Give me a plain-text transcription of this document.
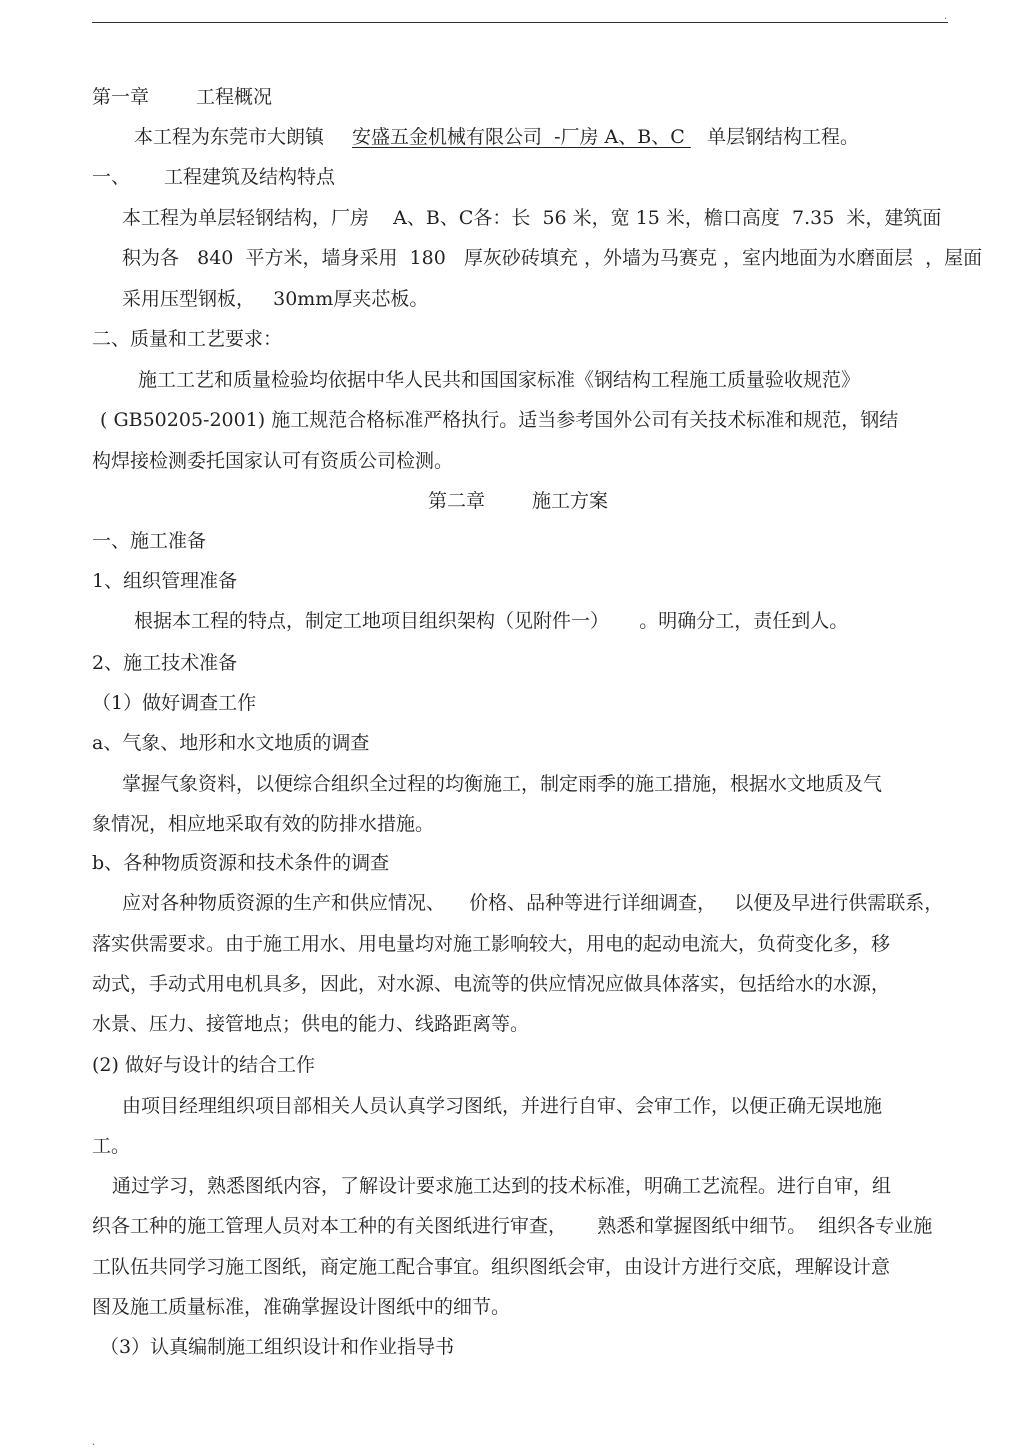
.
第一章 工程概况
本工程为东莞市大朗镇 安盛五金机械有限公司  -厂房 A、B、C 单层钢结构工程。
一、 工程建筑及结构特点
本工程为单层轻钢结构，厂房    A、B、C各：长  56 米，宽 15 米，檐口高度  7.35  米，建筑面
积为各   840  平方米，墙身采用  180   厚灰砂砖填充 ，外墙为马赛克 ，室内地面为水磨面层  ，屋面
采用压型钢板，   30mm厚夹芯板。
二、质量和工艺要求：
施工工艺和质量检验均依据中华人民共和国国家标准《钢结构工程施工质量验收规范》
( GB50205-2001) 施工规范合格标准严格执行。适当参考国外公司有关技术标准和规范，钢结
构焊接检测委托国家认可有资质公司检测。
第二章 施工方案
一、施工准备
1、组织管理准备
根据本工程的特点，制定工地项目组织架构（见附件一）     。明确分工，责任到人。
2、施工技术准备
（1）做好调查工作
a、气象、地形和水文地质的调查
掌握气象资料，以便综合组织全过程的均衡施工，制定雨季的施工措施，根据水文地质及气
象情况，相应地采取有效的防排水措施。
b、各种物质资源和技术条件的调查
应对各种物质资源的生产和供应情况、    价格、品种等进行详细调查，   以便及早进行供需联系，
落实供需要求。由于施工用水、用电量均对施工影响较大，用电的起动电流大，负荷变化多，移
动式，手动式用电机具多，因此，对水源、电流等的供应情况应做具体落实，包括给水的水源，
水景、压力、接管地点；供电的能力、线路距离等。
(2) 做好与设计的结合工作
由项目经理组织项目部相关人员认真学习图纸，并进行自审、会审工作，以便正确无误地施
工。
通过学习，熟悉图纸内容，了解设计要求施工达到的技术标准，明确工艺流程。进行自审，组
织各工种的施工管理人员对本工种的有关图纸进行审查，     熟悉和掌握图纸中细节。  组织各专业施
工队伍共同学习施工图纸，商定施工配合事宜。组织图纸会审，由设计方进行交底，理解设计意
图及施工质量标准，准确掌握设计图纸中的细节。
（3）认真编制施工组织设计和作业指导书
.
